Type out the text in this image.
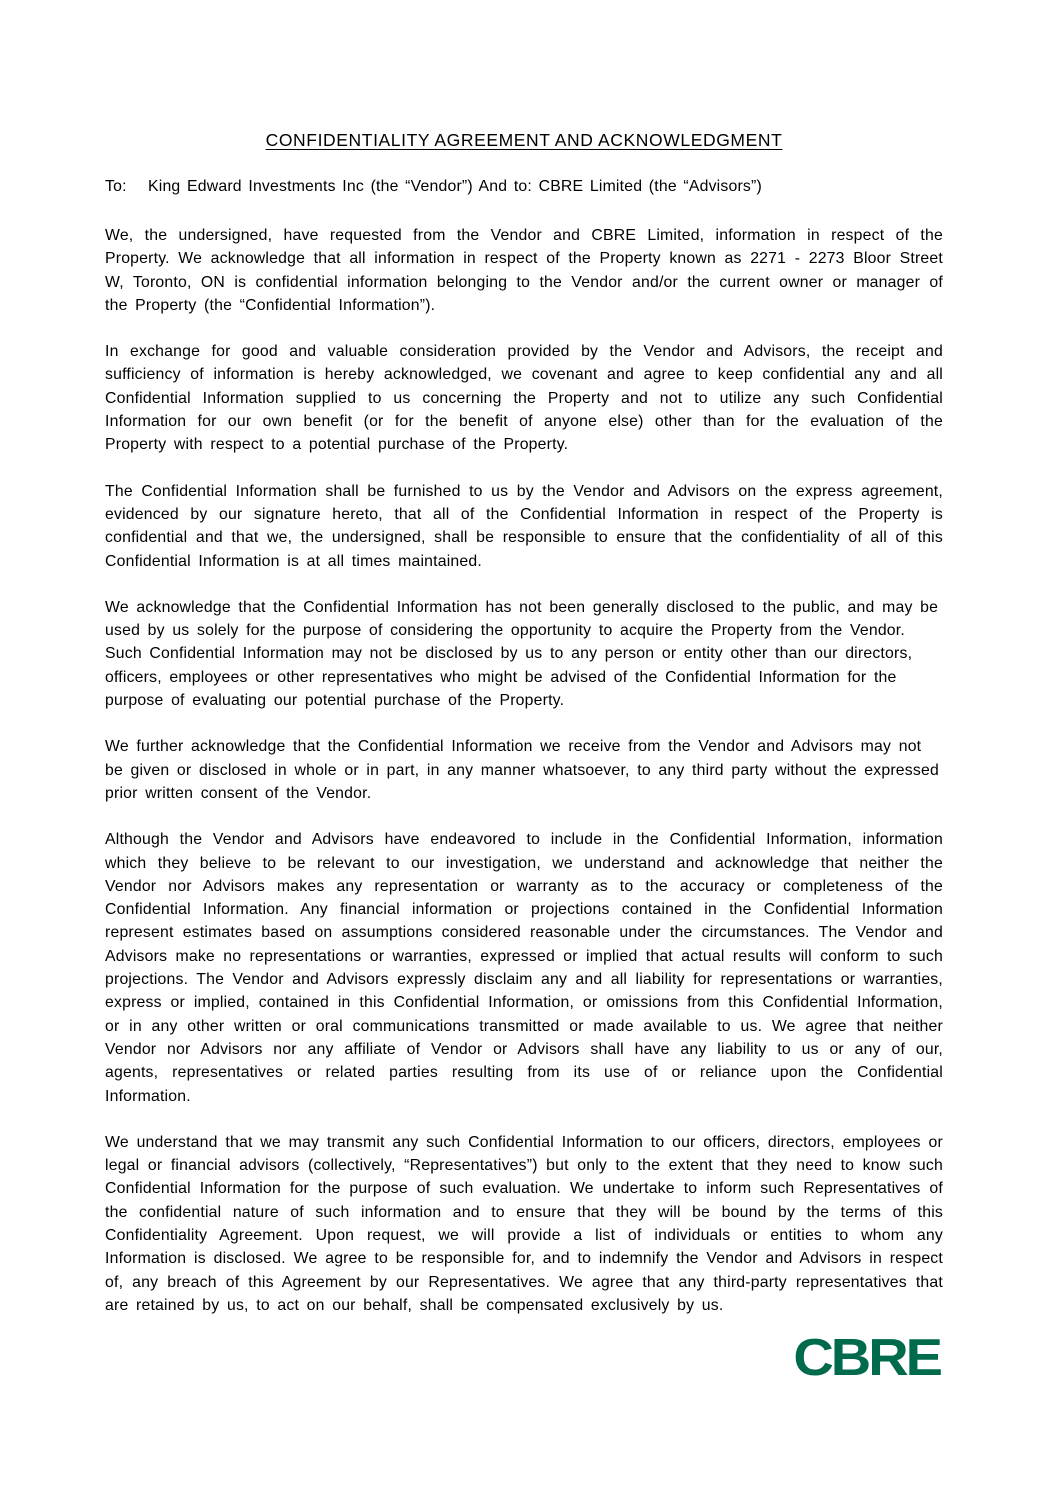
CONFIDENTIALITY AGREEMENT AND ACKNOWLEDGMENT
To:	King Edward Investments Inc (the “Vendor”) And to: CBRE Limited (the “Advisors”)

We, the undersigned, have requested from the Vendor and CBRE Limited, information in respect of the Property. We acknowledge that all information in respect of the Property known as 2271 - 2273 Bloor Street W, Toronto, ON is confidential information belonging to the Vendor and/or the current owner or manager of the Property (the “Confidential Information”).

In exchange for good and valuable consideration provided by the Vendor and Advisors, the receipt and sufficiency of information is hereby acknowledged, we covenant and agree to keep confidential any and all Confidential Information supplied to us concerning the Property and not to utilize any such Confidential Information for our own benefit (or for the benefit of anyone else) other than for the evaluation of the Property with respect to a potential purchase of the Property.

The Confidential Information shall be furnished to us by the Vendor and Advisors on the express agreement, evidenced by our signature hereto, that all of the Confidential Information in respect of the Property is confidential and that we, the undersigned, shall be responsible to ensure that the confidentiality of all of this Confidential Information is at all times maintained.

We acknowledge that the Confidential Information has not been generally disclosed to the public, and may be used by us solely for the purpose of considering the opportunity to acquire the Property from the Vendor. Such Confidential Information may not be disclosed by us to any person or entity other than our directors, officers, employees or other representatives who might be advised of the Confidential Information for the purpose of evaluating our potential purchase of the Property.

We further acknowledge that the Confidential Information we receive from the Vendor and Advisors may not be given or disclosed in whole or in part, in any manner whatsoever, to any third party without the expressed prior written consent of the Vendor.

Although the Vendor and Advisors have endeavored to include in the Confidential Information, information which they believe to be relevant to our investigation, we understand and acknowledge that neither the Vendor nor Advisors makes any representation or warranty as to the accuracy or completeness of the Confidential Information. Any financial information or projections contained in the Confidential Information represent estimates based on assumptions considered reasonable under the circumstances. The Vendor and Advisors make no representations or warranties, expressed or implied that actual results will conform to such projections. The Vendor and Advisors expressly disclaim any and all liability for representations or warranties, express or implied, contained in this Confidential Information, or omissions from this Confidential Information, or in any other written or oral communications transmitted or made available to us. We agree that neither Vendor nor Advisors nor any affiliate of Vendor or Advisors shall have any liability to us or any of our, agents, representatives or related parties resulting from its use of or reliance upon the Confidential Information.

We understand that we may transmit any such Confidential Information to our officers, directors, employees or legal or financial advisors (collectively, “Representatives”) but only to the extent that they need to know such Confidential Information for the purpose of such evaluation. We undertake to inform such Representatives of the confidential nature of such information and to ensure that they will be bound by the terms of this Confidentiality Agreement. Upon request, we will provide a list of individuals or entities to whom any Information is disclosed. We agree to be responsible for, and to indemnify the Vendor and Advisors in respect of, any breach of this Agreement by our Representatives. We agree that any third-party representatives that are retained by us, to act on our behalf, shall be compensated exclusively by us.

CBRE
